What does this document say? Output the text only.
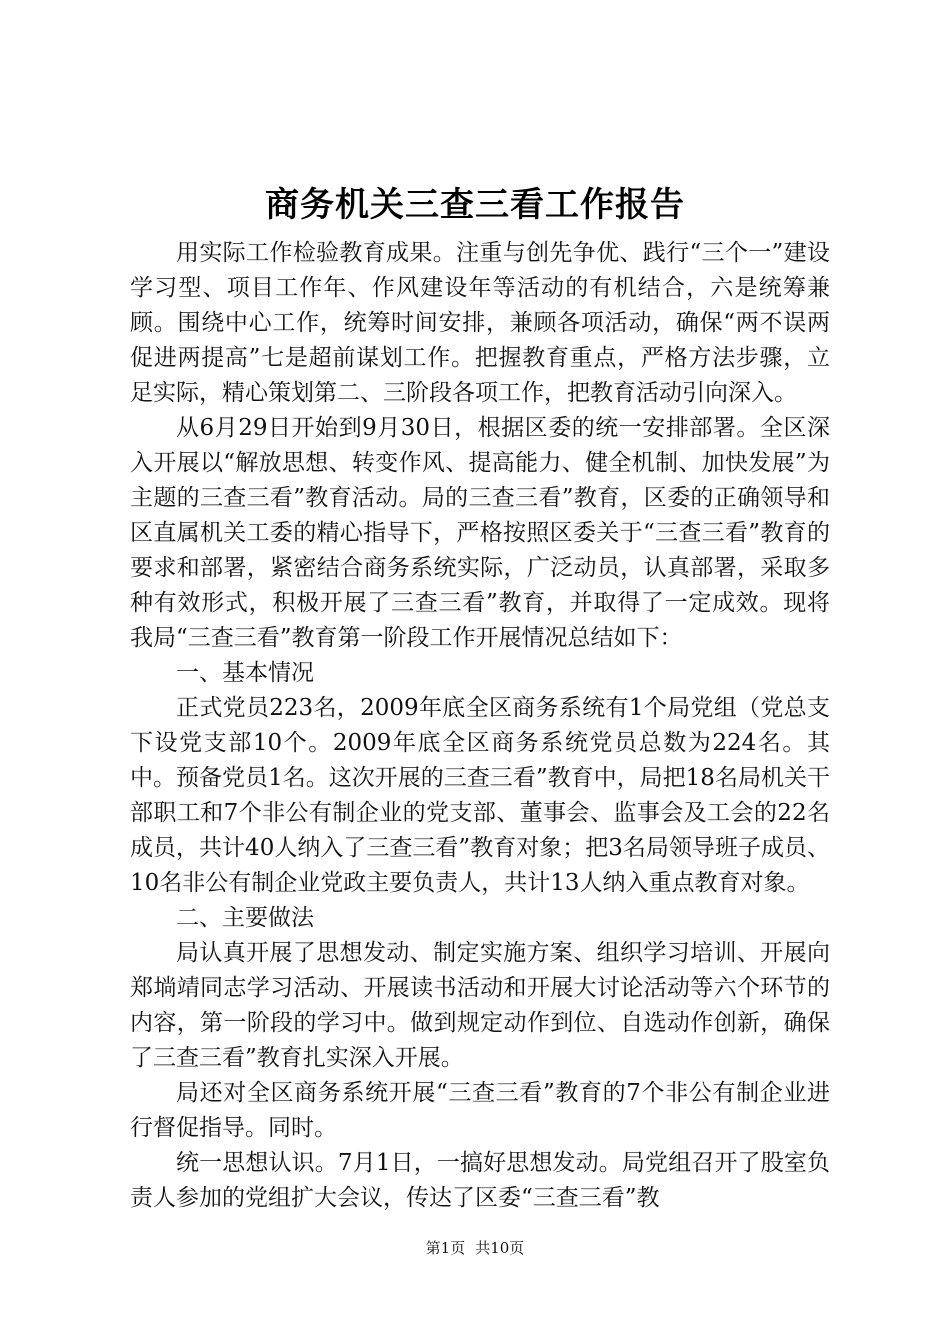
商务机关三查三看工作报告

用实际工作检验教育成果。注重与创先争优、践行“三个一”建设学习型、项目工作年、作风建设年等活动的有机结合，六是统筹兼顾。围绕中心工作，统筹时间安排，兼顾各项活动，确保“两不误两促进两提高”七是超前谋划工作。把握教育重点，严格方法步骤，立足实际，精心策划第二、三阶段各项工作，把教育活动引向深入。

从6月29日开始到9月30日，根据区委的统一安排部署。全区深入开展以“解放思想、转变作风、提高能力、健全机制、加快发展”为主题的三查三看”教育活动。局的三查三看”教育，区委的正确领导和区直属机关工委的精心指导下，严格按照区委关于“三查三看”教育的要求和部署，紧密结合商务系统实际，广泛动员，认真部署，采取多种有效形式，积极开展了三查三看”教育，并取得了一定成效。现将我局“三查三看”教育第一阶段工作开展情况总结如下：

一、基本情况

正式党员223名，2009年底全区商务系统有1个局党组（党总支下设党支部10个。2009年底全区商务系统党员总数为224名。其中。预备党员1名。这次开展的三查三看”教育中，局把18名局机关干部职工和7个非公有制企业的党支部、董事会、监事会及工会的22名成员，共计40人纳入了三查三看”教育对象；把3名局领导班子成员、10名非公有制企业党政主要负责人，共计13人纳入重点教育对象。

二、主要做法

局认真开展了思想发动、制定实施方案、组织学习培训、开展向郑埫靖同志学习活动、开展读书活动和开展大讨论活动等六个环节的内容，第一阶段的学习中。做到规定动作到位、自选动作创新，确保了三查三看”教育扎实深入开展。

局还对全区商务系统开展“三查三看”教育的7个非公有制企业进行督促指导。同时。

统一思想认识。7月1日，一搞好思想发动。局党组召开了股室负责人参加的党组扩大会议，传达了区委“三查三看”教

第1页 共10页
